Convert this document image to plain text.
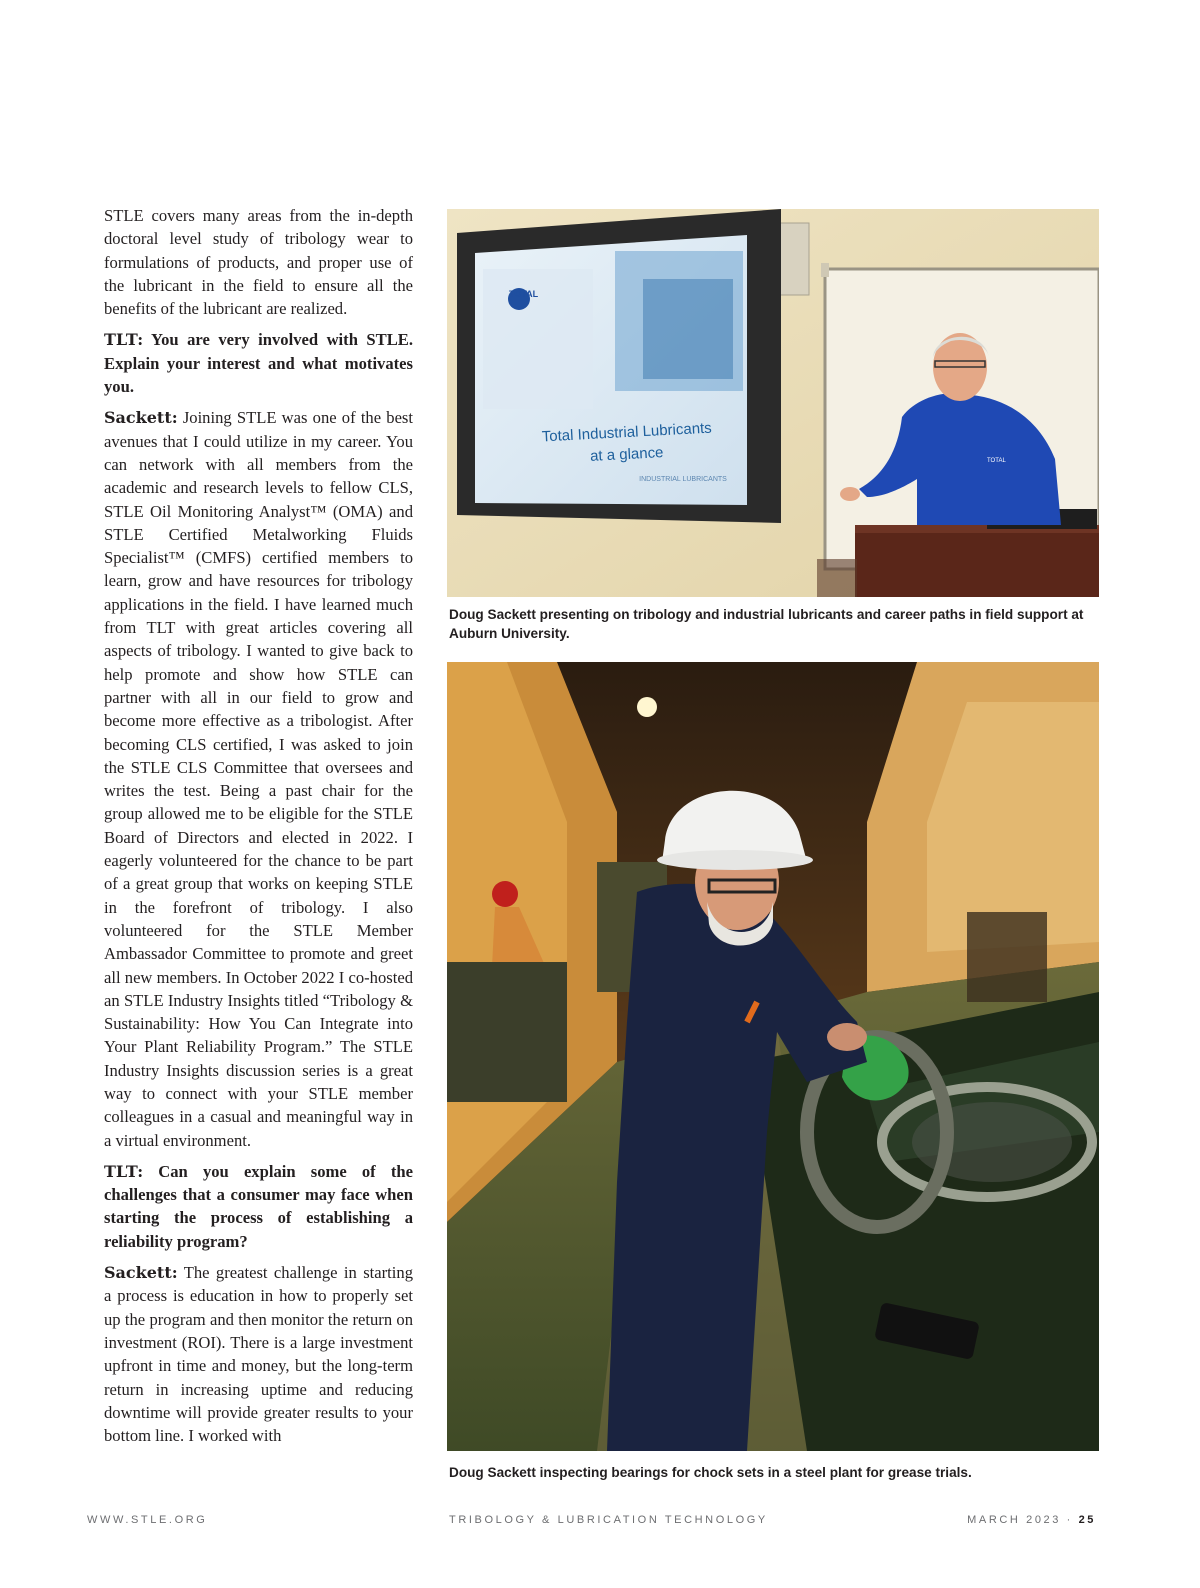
STLE covers many areas from the in-depth doctoral level study of tribology wear to formulations of products, and proper use of the lubricant in the field to ensure all the benefits of the lubricant are realized.

TLT: You are very involved with STLE. Explain your interest and what motivates you.

Sackett: Joining STLE was one of the best avenues that I could utilize in my career. You can network with all members from the academic and research levels to fellow CLS, STLE Oil Monitoring Analyst™ (OMA) and STLE Certified Metalworking Fluids Specialist™ (CMFS) certified members to learn, grow and have resources for tribology applications in the field. I have learned much from TLT with great articles covering all aspects of tribology. I wanted to give back to help promote and show how STLE can partner with all in our field to grow and become more effective as a tribologist. After becoming CLS certified, I was asked to join the STLE CLS Committee that oversees and writes the test. Being a past chair for the group allowed me to be eligible for the STLE Board of Directors and elected in 2022. I eagerly volunteered for the chance to be part of a great group that works on keeping STLE in the forefront of tribology. I also volunteered for the STLE Member Ambassador Committee to promote and greet all new members. In October 2022 I co-hosted an STLE Industry Insights titled “Tribology & Sustainability: How You Can Integrate into Your Plant Reliability Program.” The STLE Industry Insights discussion series is a great way to connect with your STLE member colleagues in a casual and meaningful way in a virtual environment.

TLT: Can you explain some of the challenges that a consumer may face when starting the process of establishing a reliability program?

Sackett: The greatest challenge in starting a process is education in how to properly set up the program and then monitor the return on investment (ROI). There is a large investment upfront in time and money, but the long-term return in increasing uptime and reducing downtime will provide greater results to your bottom line. I worked with

TOTAL
Total Industrial Lubricants
at a glance
INDUSTRIAL LUBRICANTS
TOTAL
Doug Sackett presenting on tribology and industrial lubricants and career paths in field support at Auburn University.
Doug Sackett inspecting bearings for chock sets in a steel plant for grease trials.
WWW.STLE.ORG	TRIBOLOGY & LUBRICATION TECHNOLOGY	MARCH 2023 · 25
